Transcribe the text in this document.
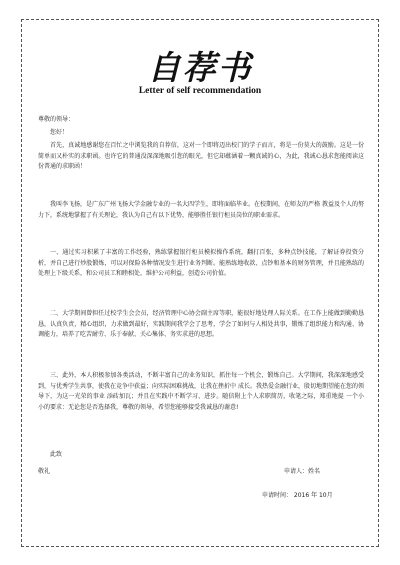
自荐书
Letter of self recommendation
尊敬的领导：
您好！
首先，真诚地感谢您在百忙之中浏览我的自荐信，这对一个即将迈出校门的学子而言，将是一份莫大的鼓励。这是一份简单而又朴实的求职函。也许它的普通没深深地吸引您的眼光，但它却蕴涵着一颗真诚的心，为此，我诚心恳求您能阅读这份普通的求职函！
我叫李飞扬，是广东广州飞扬大学金融专业的一名大四学生，即将面临毕业。在校期间，在师友的严格 教益及个人的努力下，系统地掌握了有关理论，我认为自己有以下优势，能够胜任银行柜员岗位的职业需求。
一、通过实习积累了丰富的工作经验，熟练掌握银行柜员模拟操作系统，翻打百张，多种点钞技能，了解证券投资分析，并自己进行炒股锻炼，可以对保险各种情况发生进行业务判断。能熟练地收款、点钞和基本的财务管理，并且能熟练的处理上下级关系，和公司员工和睦相处，维护公司利益，创造公司价值。
二、大学期间曾担任过校学生会会员，经济管理中心协会副主席等职，能很好地处理人际关系。在工作上能做到勤勤恳恳，认真负责，精心组织，力求做到最好，实践期间我学会了思考，学会了如何与人相处共事，锻炼了组织能力和沟通、协调能力，培养了吃苦耐劳、乐于奉献、关心集体、务实求进的思想。
三、此外，本人积极参加各类活动，不断丰富自己的业务知识，抓住每一个机会，锻炼自己。大学期间，我深深地感受到，与优秀学生共事，使我在竞争中获益；向实际困难挑战，让我在挫折中 成长。我热爱金融行业，殷切地期望能在您的领导下，为这一光荣的事业 添砖加瓦；并且在实践中不断学习、进步。随信附上个人求职简历，收笔之际，郑重地提 一个小小的要求：无论您是否选择我，尊敬的领导，希望您能够接受我诚恳的谢意!
此致
敬礼	申请人：姓名
申请时间： 2016 年 10月
